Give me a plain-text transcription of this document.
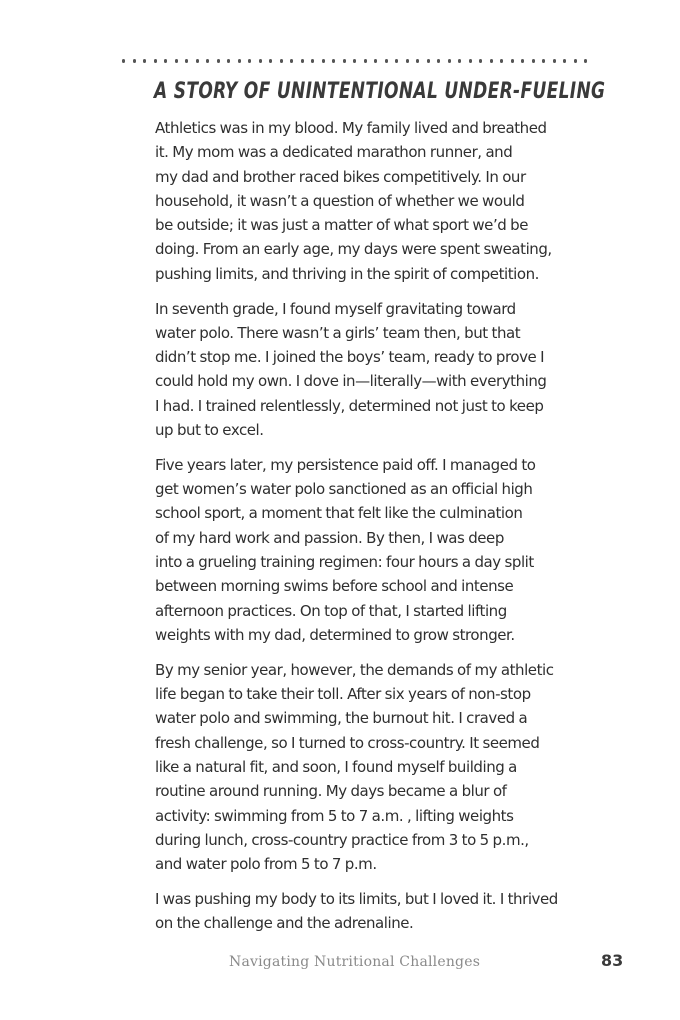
A STORY OF UNINTENTIONAL UNDER-FUELING

Athletics was in my blood. My family lived and breathed
it. My mom was a dedicated marathon runner, and
my dad and brother raced bikes competitively. In our
household, it wasn’t a question of whether we would
be outside; it was just a matter of what sport we’d be
doing. From an early age, my days were spent sweating,
pushing limits, and thriving in the spirit of competition.

In seventh grade, I found myself gravitating toward
water polo. There wasn’t a girls’ team then, but that
didn’t stop me. I joined the boys’ team, ready to prove I
could hold my own. I dove in—literally—with everything
I had. I trained relentlessly, determined not just to keep
up but to excel.

Five years later, my persistence paid off. I managed to
get women’s water polo sanctioned as an official high
school sport, a moment that felt like the culmination
of my hard work and passion. By then, I was deep
into a grueling training regimen: four hours a day split
between morning swims before school and intense
afternoon practices. On top of that, I started lifting
weights with my dad, determined to grow stronger.

By my senior year, however, the demands of my athletic
life began to take their toll. After six years of non-stop
water polo and swimming, the burnout hit. I craved a
fresh challenge, so I turned to cross-country. It seemed
like a natural fit, and soon, I found myself building a
routine around running. My days became a blur of
activity: swimming from 5 to 7 a.m. , lifting weights
during lunch, cross-country practice from 3 to 5 p.m.,
and water polo from 5 to 7 p.m.

I was pushing my body to its limits, but I loved it. I thrived
on the challenge and the adrenaline.

Navigating Nutritional Challenges	83
